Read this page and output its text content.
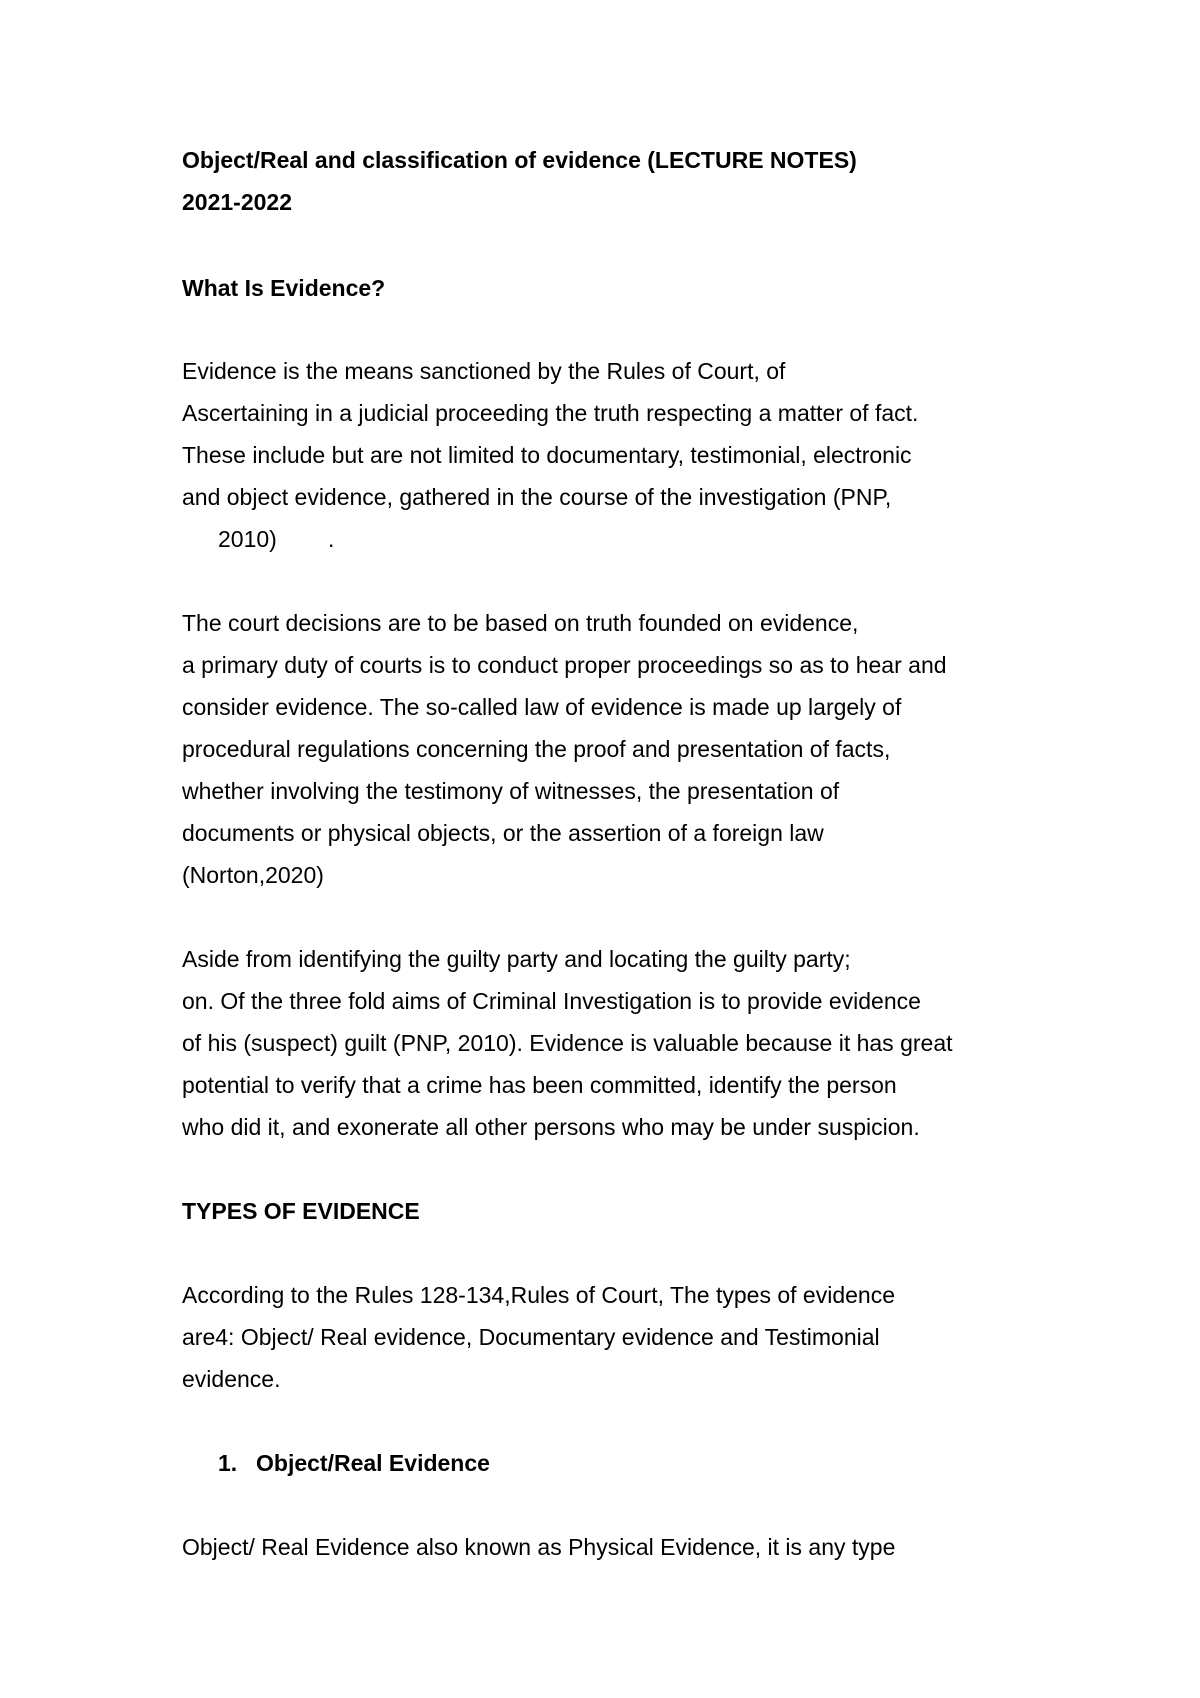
Object/Real and classification of evidence (LECTURE NOTES)
2021-2022
What Is Evidence?
Evidence is the means sanctioned by the Rules of Court, of
Ascertaining in a judicial proceeding the truth respecting a matter of fact.
These include but are not limited to documentary, testimonial, electronic
and object evidence, gathered in the course of the investigation (PNP,
2010)        .
The court decisions are to be based on truth founded on evidence,
a primary duty of courts is to conduct proper proceedings so as to hear and
consider evidence. The so-called law of evidence is made up largely of
procedural regulations concerning the proof and presentation of facts,
whether involving the testimony of witnesses, the presentation of
documents or physical objects, or the assertion of a foreign law
(Norton,2020)
Aside from identifying the guilty party and locating the guilty party;
on. Of the three fold aims of Criminal Investigation is to provide evidence
of his (suspect) guilt (PNP, 2010). Evidence is valuable because it has great
potential to verify that a crime has been committed, identify the person
who did it, and exonerate all other persons who may be under suspicion.
TYPES OF EVIDENCE
According to the Rules 128-134,Rules of Court, The types of evidence
are4: Object/ Real evidence, Documentary evidence and Testimonial
evidence.
1. Object/Real Evidence
Object/ Real Evidence also known as Physical Evidence, it is any type
